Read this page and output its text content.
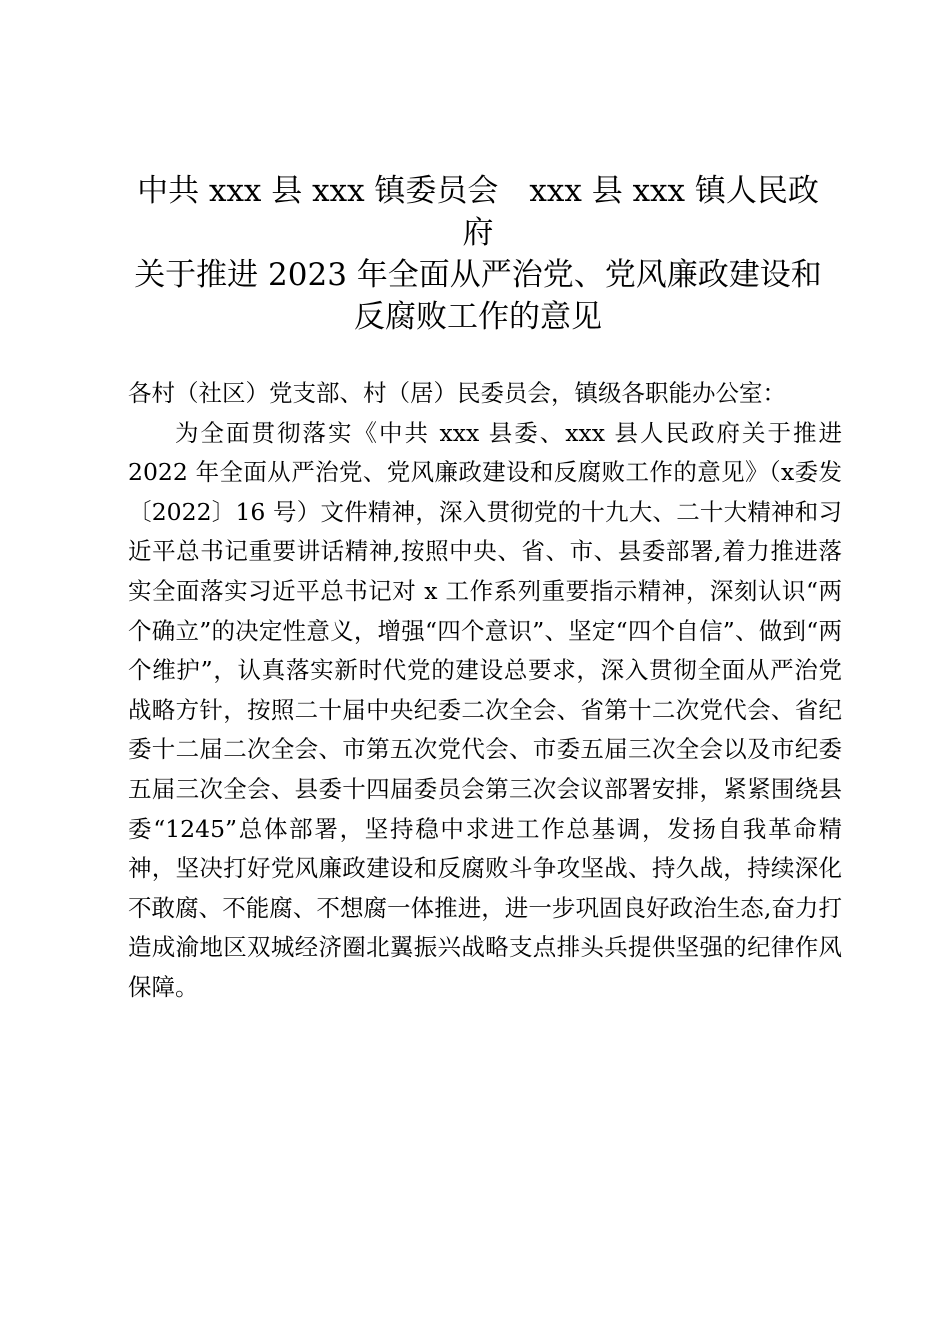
中共 xxx 县 xxx 镇委员会　xxx 县 xxx 镇人民政府
关于推进 2023 年全面从严治党、党风廉政建设和反腐败工作的意见

各村（社区）党支部、村（居）民委员会，镇级各职能办公室：

为全面贯彻落实《中共 xxx 县委、xxx 县人民政府关于推进 2022 年全面从严治党、党风廉政建设和反腐败工作的意见》（x委发〔2022〕16 号）文件精神，深入贯彻党的十九大、二十大精神和习近平总书记重要讲话精神,按照中央、省、市、县委部署,着力推进落实全面落实习近平总书记对 x 工作系列重要指示精神，深刻认识“两个确立”的决定性意义，增强“四个意识”、坚定“四个自信”、做到“两个维护”，认真落实新时代党的建设总要求，深入贯彻全面从严治党战略方针，按照二十届中央纪委二次全会、省第十二次党代会、省纪委十二届二次全会、市第五次党代会、市委五届三次全会以及市纪委五届三次全会、县委十四届委员会第三次会议部署安排，紧紧围绕县委“1245”总体部署，坚持稳中求进工作总基调，发扬自我革命精神，坚决打好党风廉政建设和反腐败斗争攻坚战、持久战，持续深化不敢腐、不能腐、不想腐一体推进，进一步巩固良好政治生态,奋力打造成渝地区双城经济圈北翼振兴战略支点排头兵提供坚强的纪律作风保障。
